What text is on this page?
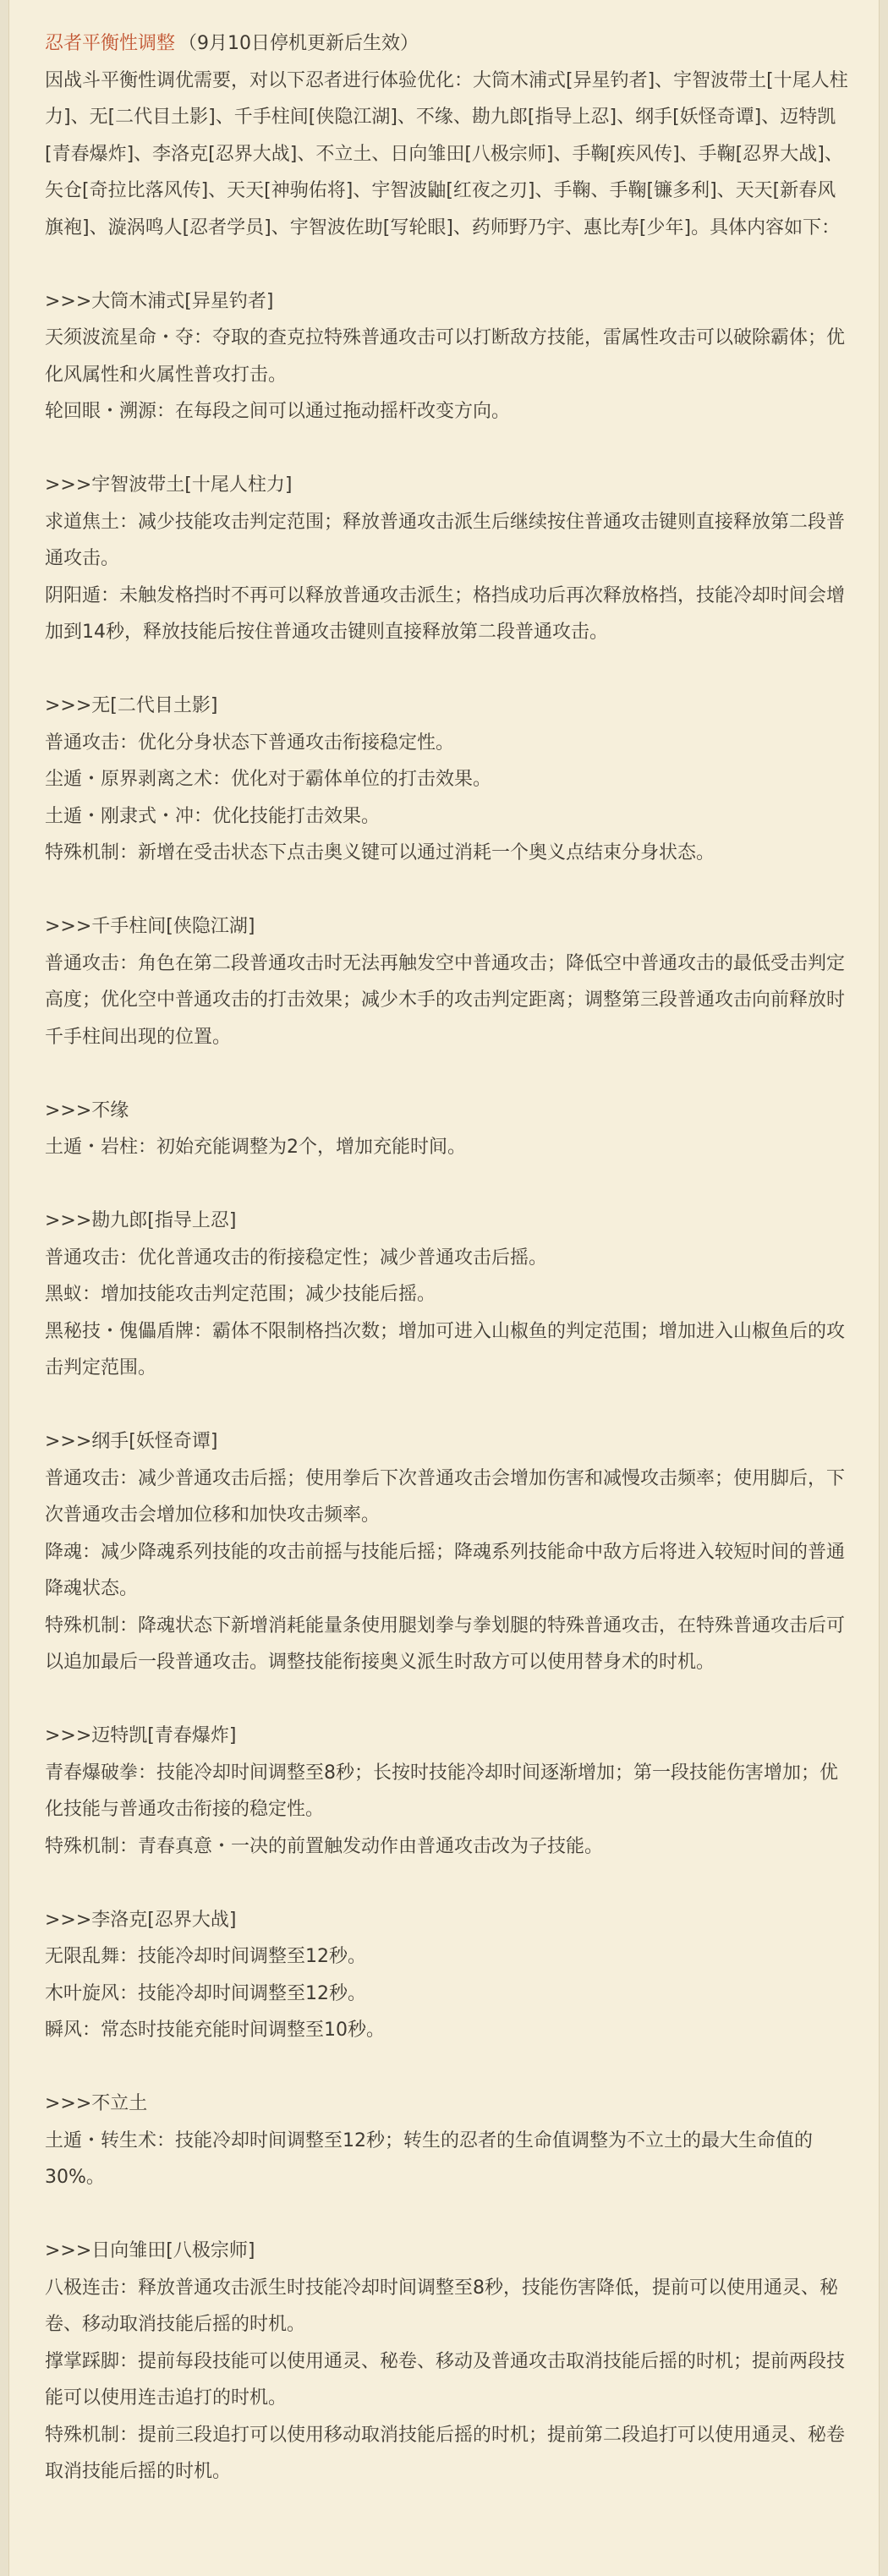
忍者平衡性调整 （9月10日停机更新后生效）

因战斗平衡性调优需要，对以下忍者进行体验优化：大筒木浦式[异星钓者]、宇智波带土[十尾人柱力]、无[二代目土影]、千手柱间[侠隐江湖]、不缘、勘九郎[指导上忍]、纲手[妖怪奇谭]、迈特凯[青春爆炸]、李洛克[忍界大战]、不立土、日向雏田[八极宗师]、手鞠[疾风传]、手鞠[忍界大战]、矢仓[奇拉比落风传]、天天[神驹佑将]、宇智波鼬[红夜之刃]、手鞠、手鞠[镰多利]、天天[新春风旗袍]、漩涡鸣人[忍者学员]、宇智波佐助[写轮眼]、药师野乃宇、惠比寿[少年]。具体内容如下：

>>>大筒木浦式[异星钓者]

天须波流星命・夺：夺取的查克拉特殊普通攻击可以打断敌方技能，雷属性攻击可以破除霸体；优化风属性和火属性普攻打击。

轮回眼・溯源：在每段之间可以通过拖动摇杆改变方向。

>>>宇智波带土[十尾人柱力]

求道焦土：减少技能攻击判定范围；释放普通攻击派生后继续按住普通攻击键则直接释放第二段普通攻击。

阴阳遁：未触发格挡时不再可以释放普通攻击派生；格挡成功后再次释放格挡，技能冷却时间会增加到14秒，释放技能后按住普通攻击键则直接释放第二段普通攻击。

>>>无[二代目土影]

普通攻击：优化分身状态下普通攻击衔接稳定性。

尘遁・原界剥离之术：优化对于霸体单位的打击效果。

土遁・刚隶式・冲：优化技能打击效果。

特殊机制：新增在受击状态下点击奥义键可以通过消耗一个奥义点结束分身状态。

>>>千手柱间[侠隐江湖]

普通攻击：角色在第二段普通攻击时无法再触发空中普通攻击；降低空中普通攻击的最低受击判定高度；优化空中普通攻击的打击效果；减少木手的攻击判定距离；调整第三段普通攻击向前释放时千手柱间出现的位置。

>>>不缘

土遁・岩柱：初始充能调整为2个，增加充能时间。

>>>勘九郎[指导上忍]

普通攻击：优化普通攻击的衔接稳定性；减少普通攻击后摇。

黑蚁：增加技能攻击判定范围；减少技能后摇。

黑秘技・傀儡盾牌：霸体不限制格挡次数；增加可进入山椒鱼的判定范围；增加进入山椒鱼后的攻击判定范围。

>>>纲手[妖怪奇谭]

普通攻击：减少普通攻击后摇；使用拳后下次普通攻击会增加伤害和减慢攻击频率；使用脚后，下次普通攻击会增加位移和加快攻击频率。

降魂：减少降魂系列技能的攻击前摇与技能后摇；降魂系列技能命中敌方后将进入较短时间的普通降魂状态。

特殊机制：降魂状态下新增消耗能量条使用腿划拳与拳划腿的特殊普通攻击，在特殊普通攻击后可以追加最后一段普通攻击。调整技能衔接奥义派生时敌方可以使用替身术的时机。

>>>迈特凯[青春爆炸]

青春爆破拳：技能冷却时间调整至8秒；长按时技能冷却时间逐渐增加；第一段技能伤害增加；优化技能与普通攻击衔接的稳定性。

特殊机制：青春真意・一决的前置触发动作由普通攻击改为子技能。

>>>李洛克[忍界大战]

无限乱舞：技能冷却时间调整至12秒。

木叶旋风：技能冷却时间调整至12秒。

瞬风：常态时技能充能时间调整至10秒。

>>>不立土

土遁・转生术：技能冷却时间调整至12秒；转生的忍者的生命值调整为不立土的最大生命值的30%。

>>>日向雏田[八极宗师]

八极连击：释放普通攻击派生时技能冷却时间调整至8秒，技能伤害降低，提前可以使用通灵、秘卷、移动取消技能后摇的时机。

撑掌踩脚：提前每段技能可以使用通灵、秘卷、移动及普通攻击取消技能后摇的时机；提前两段技能可以使用连击追打的时机。

特殊机制：提前三段追打可以使用移动取消技能后摇的时机；提前第二段追打可以使用通灵、秘卷取消技能后摇的时机。
